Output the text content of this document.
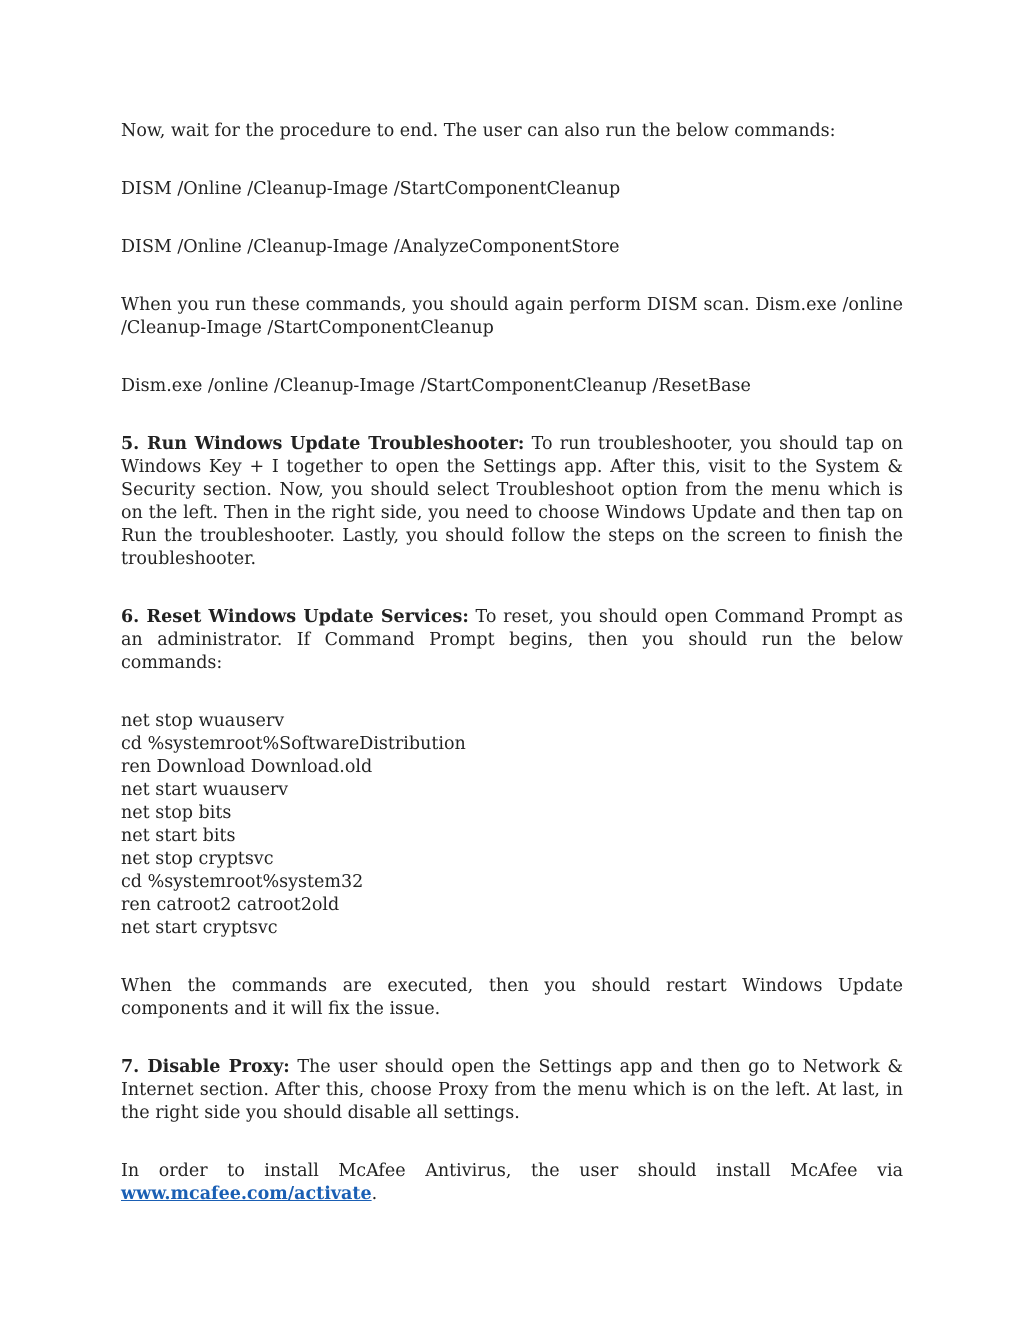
Now, wait for the procedure to end. The user can also run the below commands:

DISM /Online /Cleanup-Image /StartComponentCleanup

DISM /Online /Cleanup-Image /AnalyzeComponentStore

When you run these commands, you should again perform DISM scan. Dism.exe /online /Cleanup-Image /StartComponentCleanup

Dism.exe /online /Cleanup-Image /StartComponentCleanup /ResetBase

5. Run Windows Update Troubleshooter: To run troubleshooter, you should tap on Windows Key + I together to open the Settings app. After this, visit to the System & Security section. Now, you should select Troubleshoot option from the menu which is on the left. Then in the right side, you need to choose Windows Update and then tap on Run the troubleshooter. Lastly, you should follow the steps on the screen to finish the troubleshooter.

6. Reset Windows Update Services: To reset, you should open Command Prompt as an administrator. If Command Prompt begins, then you should run the below commands:

net stop wuauserv
cd %systemroot%SoftwareDistribution
ren Download Download.old
net start wuauserv
net stop bits
net start bits
net stop cryptsvc
cd %systemroot%system32
ren catroot2 catroot2old
net start cryptsvc

When the commands are executed, then you should restart Windows Update components and it will fix the issue.

7. Disable Proxy: The user should open the Settings app and then go to Network & Internet section. After this, choose Proxy from the menu which is on the left. At last, in the right side you should disable all settings.

In order to install McAfee Antivirus, the user should install McAfee via www.mcafee.com/activate.
